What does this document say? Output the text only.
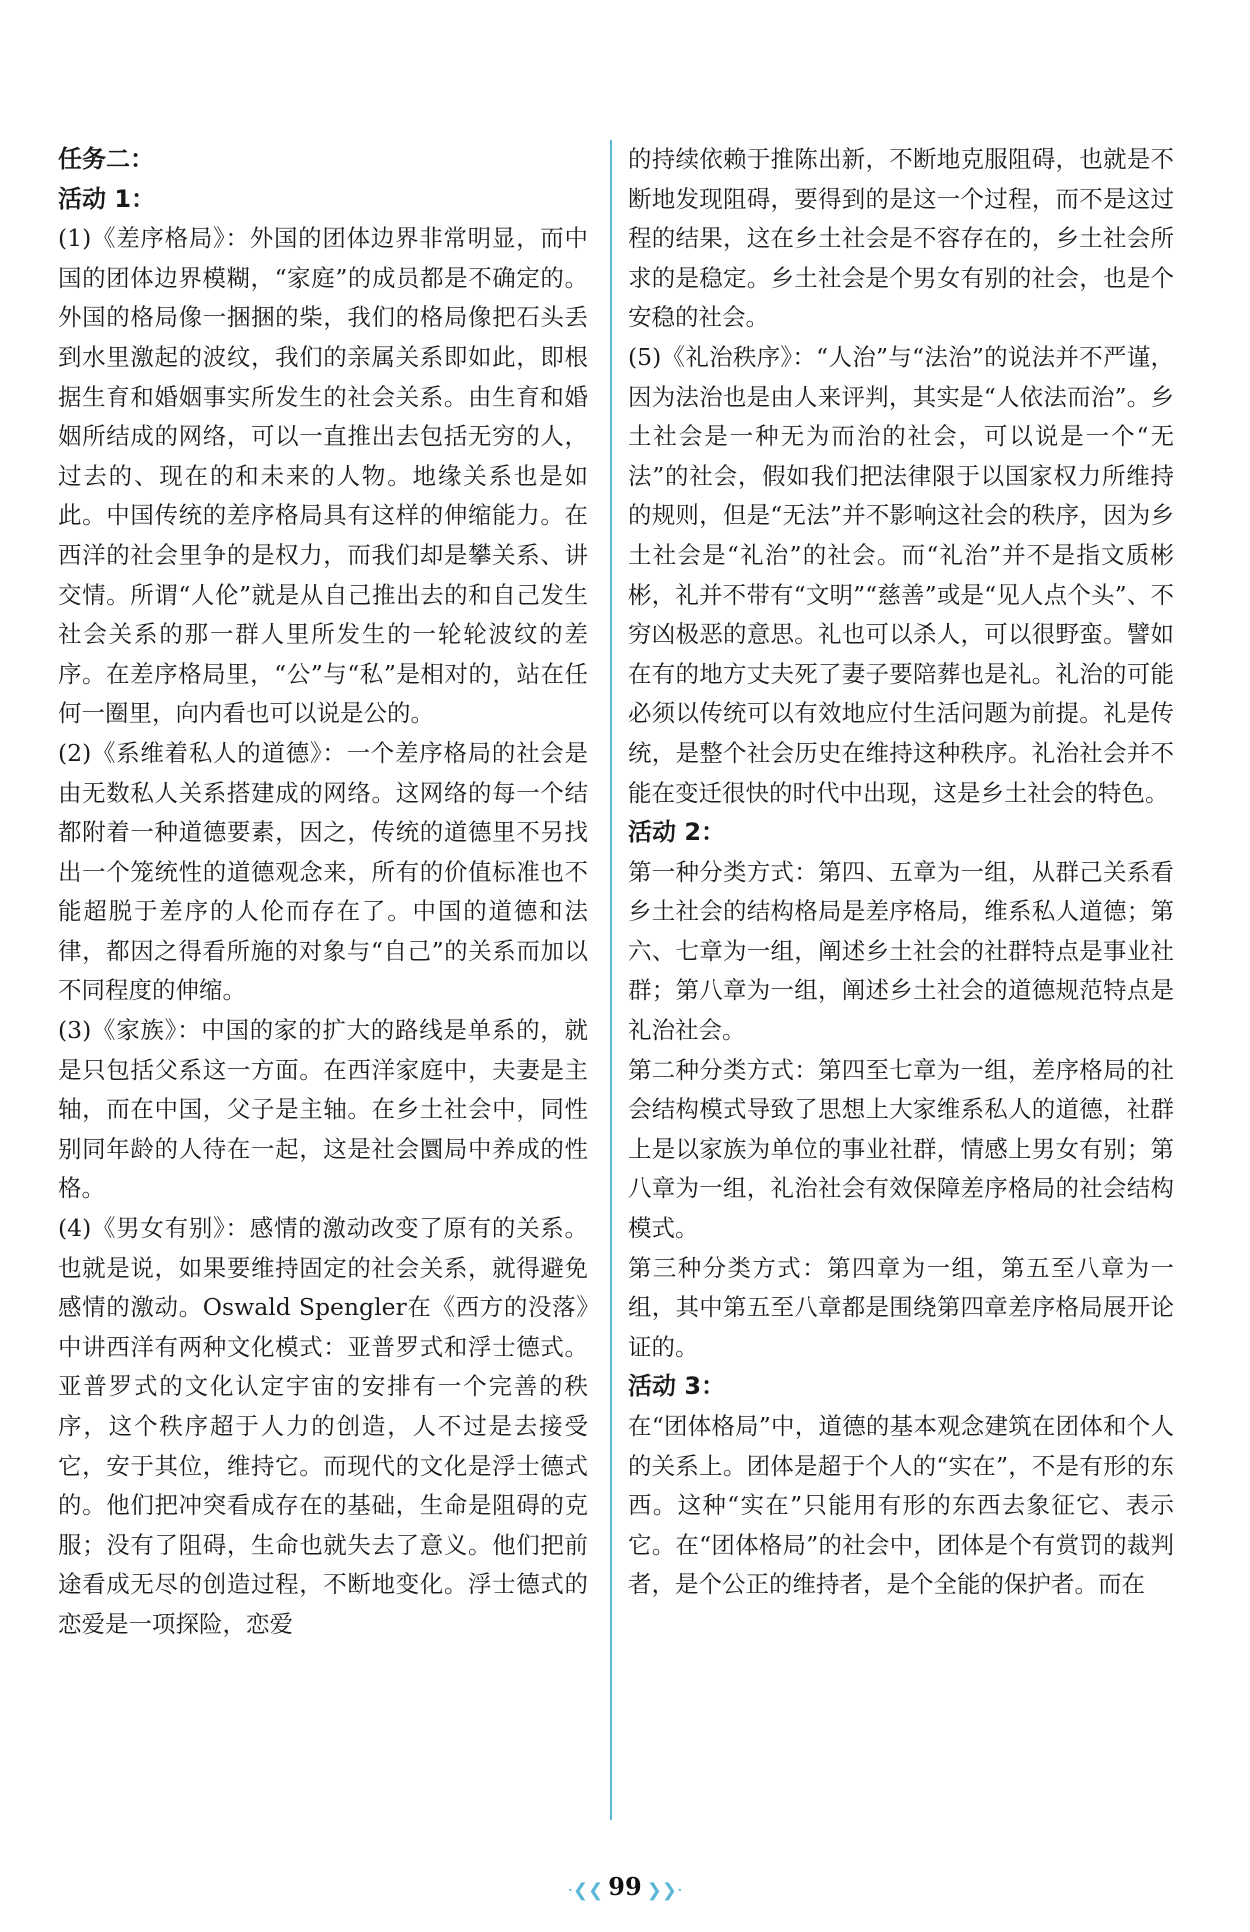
任务二：

活动 1：

(1)《差序格局》：外国的团体边界非常明显，而中国的团体边界模糊，“家庭”的成员都是不确定的。外国的格局像一捆捆的柴，我们的格局像把石头丢到水里激起的波纹，我们的亲属关系即如此，即根据生育和婚姻事实所发生的社会关系。由生育和婚姻所结成的网络，可以一直推出去包括无穷的人，过去的、现在的和未来的人物。地缘关系也是如此。中国传统的差序格局具有这样的伸缩能力。在西洋的社会里争的是权力，而我们却是攀关系、讲交情。所谓“人伦”就是从自己推出去的和自己发生社会关系的那一群人里所发生的一轮轮波纹的差序。在差序格局里，“公”与“私”是相对的，站在任何一圈里，向内看也可以说是公的。

(2)《系维着私人的道德》：一个差序格局的社会是由无数私人关系搭建成的网络。这网络的每一个结都附着一种道德要素，因之，传统的道德里不另找出一个笼统性的道德观念来，所有的价值标准也不能超脱于差序的人伦而存在了。中国的道德和法律，都因之得看所施的对象与“自己”的关系而加以不同程度的伸缩。

(3)《家族》：中国的家的扩大的路线是单系的，就是只包括父系这一方面。在西洋家庭中，夫妻是主轴，而在中国，父子是主轴。在乡土社会中，同性别同年龄的人待在一起，这是社会圜局中养成的性格。

(4)《男女有别》：感情的激动改变了原有的关系。也就是说，如果要维持固定的社会关系，就得避免感情的激动。Oswald Spengler在《西方的没落》中讲西洋有两种文化模式：亚普罗式和浮士德式。亚普罗式的文化认定宇宙的安排有一个完善的秩序，这个秩序超于人力的创造，人不过是去接受它，安于其位，维持它。而现代的文化是浮士德式的。他们把冲突看成存在的基础，生命是阻碍的克服；没有了阻碍，生命也就失去了意义。他们把前途看成无尽的创造过程，不断地变化。浮士德式的恋爱是一项探险，恋爱

的持续依赖于推陈出新，不断地克服阻碍，也就是不断地发现阻碍，要得到的是这一个过程，而不是这过程的结果，这在乡土社会是不容存在的，乡土社会所求的是稳定。乡土社会是个男女有别的社会，也是个安稳的社会。

(5)《礼治秩序》：“人治”与“法治”的说法并不严谨，因为法治也是由人来评判，其实是“人依法而治”。乡土社会是一种无为而治的社会，可以说是一个“无法”的社会，假如我们把法律限于以国家权力所维持的规则，但是“无法”并不影响这社会的秩序，因为乡土社会是“礼治”的社会。而“礼治”并不是指文质彬彬，礼并不带有“文明”“慈善”或是“见人点个头”、不穷凶极恶的意思。礼也可以杀人，可以很野蛮。譬如在有的地方丈夫死了妻子要陪葬也是礼。礼治的可能必须以传统可以有效地应付生活问题为前提。礼是传统，是整个社会历史在维持这种秩序。礼治社会并不能在变迁很快的时代中出现，这是乡土社会的特色。

活动 2：

第一种分类方式：第四、五章为一组，从群己关系看乡土社会的结构格局是差序格局，维系私人道德；第六、七章为一组，阐述乡土社会的社群特点是事业社群；第八章为一组，阐述乡土社会的道德规范特点是礼治社会。

第二种分类方式：第四至七章为一组，差序格局的社会结构模式导致了思想上大家维系私人的道德，社群上是以家族为单位的事业社群，情感上男女有别；第八章为一组，礼治社会有效保障差序格局的社会结构模式。

第三种分类方式：第四章为一组，第五至八章为一组，其中第五至八章都是围绕第四章差序格局展开论证的。

活动 3：

在“团体格局”中，道德的基本观念建筑在团体和个人的关系上。团体是超于个人的“实在”，不是有形的东西。这种“实在”只能用有形的东西去象征它、表示它。在“团体格局”的社会中，团体是个有赏罚的裁判者，是个公正的维持者，是个全能的保护者。而在

·❮❮ 99 ❯❯·
